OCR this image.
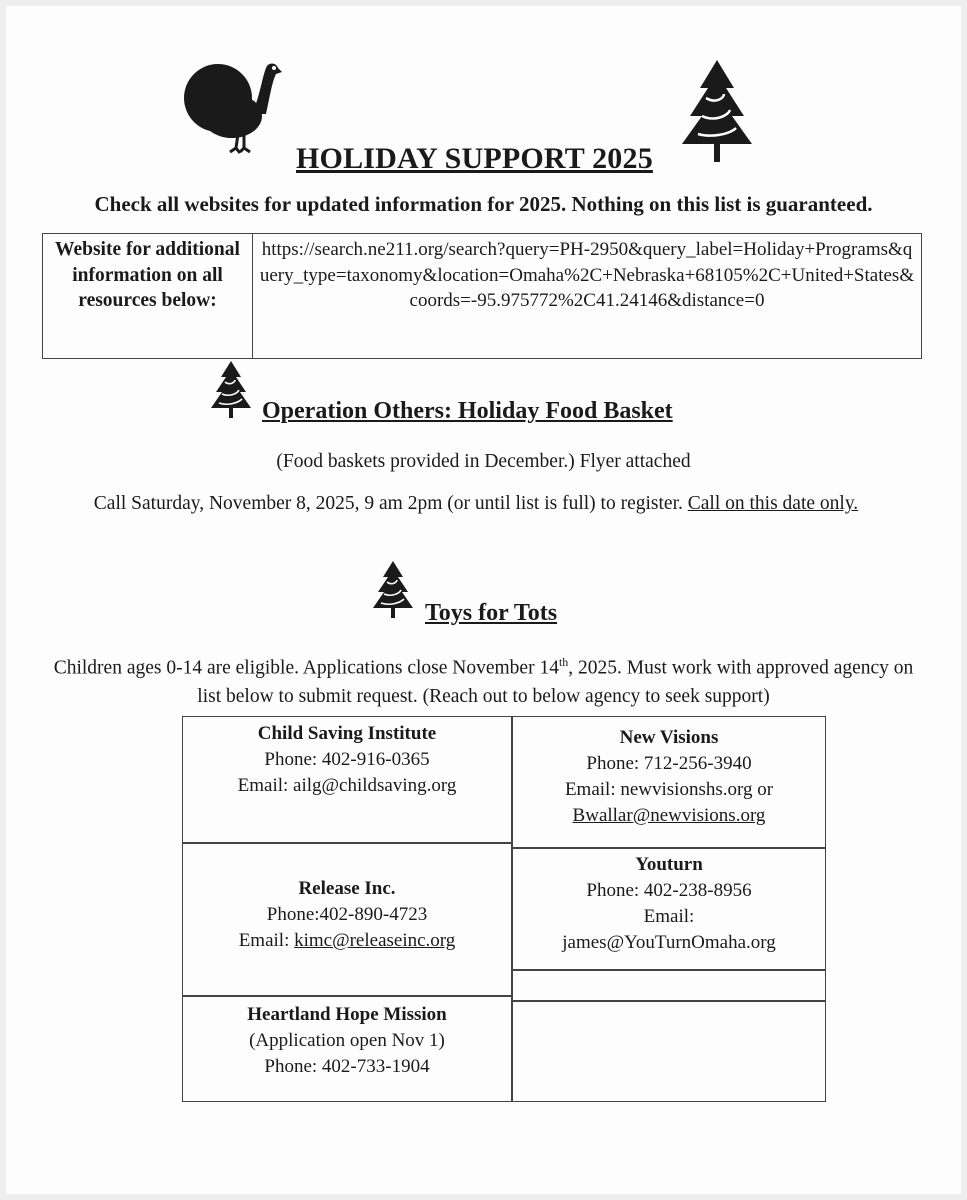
HOLIDAY SUPPORT 2025
Check all websites for updated information for 2025. Nothing on this list is guaranteed.
Website for additional information on all resources below:
https://search.ne211.org/search?query=PH-2950&query_label=Holiday+Programs&query_type=taxonomy&location=Omaha%2C+Nebraska+68105%2C+United+States&coords=-95.975772%2C41.24146&distance=0
Operation Others: Holiday Food Basket
(Food baskets provided in December.) Flyer attached
Call Saturday, November 8, 2025, 9 am 2pm (or until list is full) to register. Call on this date only.
Toys for Tots
Children ages 0-14 are eligible. Applications close November 14th, 2025. Must work with approved agency on list below to submit request. (Reach out to below agency to seek support)
Child Saving Institute
Phone: 402-916-0365
Email: ailg@childsaving.org
New Visions
Phone: 712-256-3940
Email: newvisionshs.org or
Bwallar@newvisions.org
Release Inc.
Phone:402-890-4723
Email: kimc@releaseinc.org
Youturn
Phone: 402-238-8956
Email:
james@YouTurnOmaha.org
Heartland Hope Mission
(Application open Nov 1)
Phone: 402-733-1904
